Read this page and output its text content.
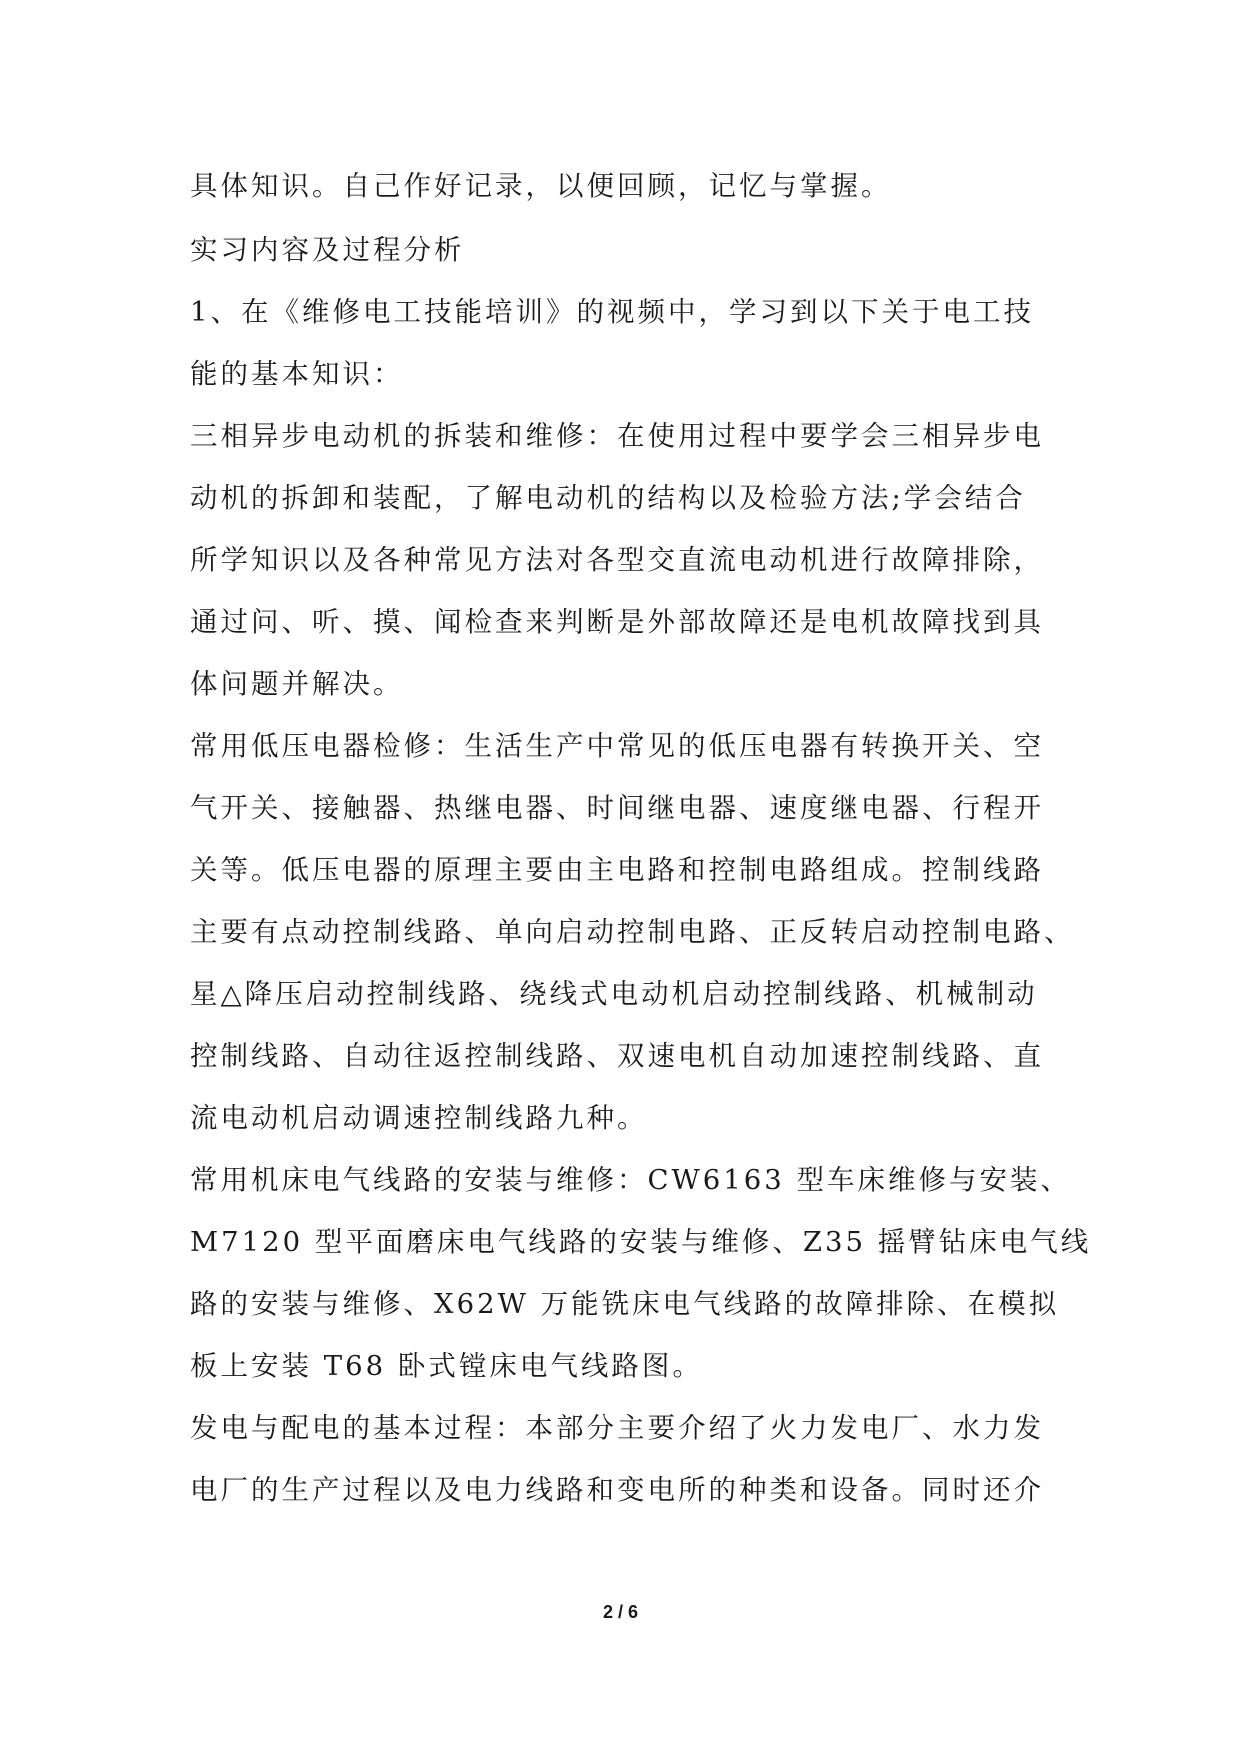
具体知识。自己作好记录，以便回顾，记忆与掌握。
实习内容及过程分析
1、在《维修电工技能培训》的视频中，学习到以下关于电工技
能的基本知识：
三相异步电动机的拆装和维修：在使用过程中要学会三相异步电
动机的拆卸和装配，了解电动机的结构以及检验方法;学会结合
所学知识以及各种常见方法对各型交直流电动机进行故障排除，
通过问、听、摸、闻检查来判断是外部故障还是电机故障找到具
体问题并解决。
常用低压电器检修：生活生产中常见的低压电器有转换开关、空
气开关、接触器、热继电器、时间继电器、速度继电器、行程开
关等。低压电器的原理主要由主电路和控制电路组成。控制线路
主要有点动控制线路、单向启动控制电路、正反转启动控制电路、
星△降压启动控制线路、绕线式电动机启动控制线路、机械制动
控制线路、自动往返控制线路、双速电机自动加速控制线路、直
流电动机启动调速控制线路九种。
常用机床电气线路的安装与维修：CW6163 型车床维修与安装、
M7120 型平面磨床电气线路的安装与维修、Z35 摇臂钻床电气线
路的安装与维修、X62W 万能铣床电气线路的故障排除、在模拟
板上安装 T68 卧式镗床电气线路图。
发电与配电的基本过程：本部分主要介绍了火力发电厂、水力发
电厂的生产过程以及电力线路和变电所的种类和设备。同时还介
2 / 6
